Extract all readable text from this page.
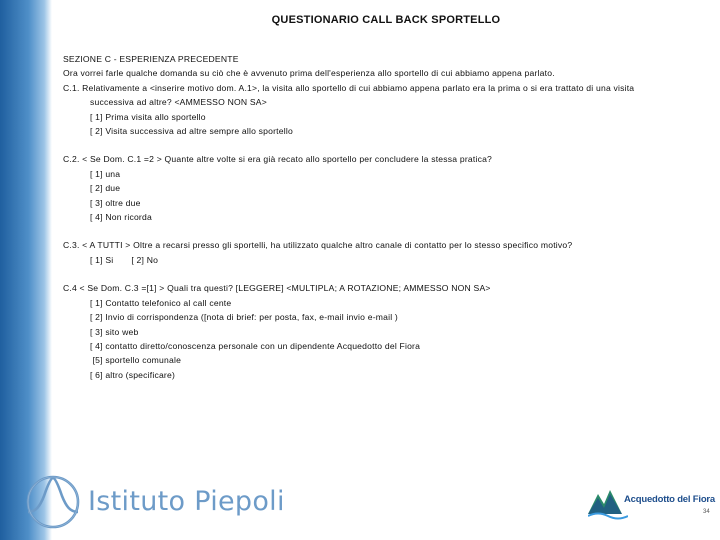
QUESTIONARIO CALL BACK SPORTELLO
SEZIONE C - ESPERIENZA PRECEDENTE
Ora vorrei farle qualche domanda su ciò che è avvenuto prima dell'esperienza allo sportello di cui abbiamo appena parlato.
C.1. Relativamente a <inserire motivo dom. A.1>, la visita allo sportello di cui abbiamo appena parlato era la prima o si era trattato di una visita
successiva ad altre? <AMMESSO NON SA>
[ 1] Prima visita allo sportello
[ 2] Visita successiva ad altre sempre allo sportello
C.2. < Se Dom. C.1 =2 > Quante altre volte si era già recato allo sportello per concludere la stessa pratica?
[ 1] una
[ 2] due
[ 3] oltre due
[ 4] Non ricorda
C.3. < A TUTTI > Oltre a recarsi presso gli sportelli, ha utilizzato qualche altro canale di contatto per lo stesso specifico motivo?
[ 1] Si [ 2] No
C.4 < Se Dom. C.3 =[1] > Quali tra questi? [LEGGERE] <MULTIPLA; A ROTAZIONE; AMMESSO NON SA>
[ 1] Contatto telefonico al call cente
[ 2] Invio di corrispondenza ([nota di brief: per posta, fax, e-mail invio e-mail )
[ 3] sito web
[ 4] contatto diretto/conoscenza personale con un dipendente Acquedotto del Fiora
[5] sportello comunale
[ 6] altro (specificare)
Istituto Piepoli	Acquedotto del Fiora
34
